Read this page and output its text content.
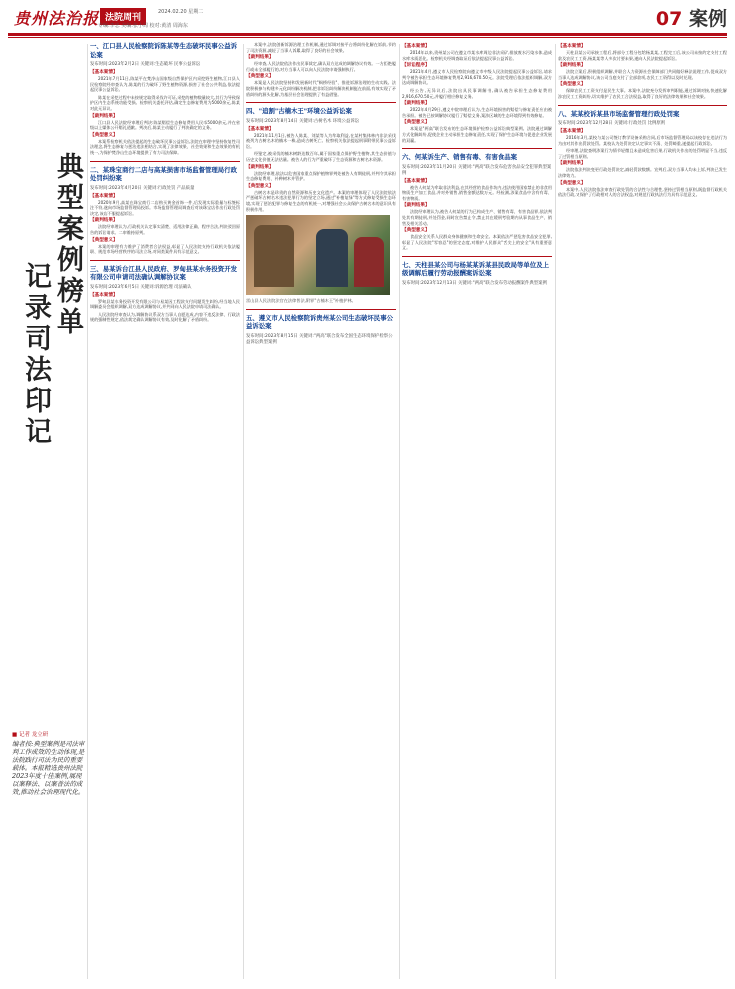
贵州法治报 法院周刊
2024.02.20 星期二
专编:李忠 美编:张小周 校对:黄清 周海东	07 案例
典型案例榜单
记录司法印记
■ 记者 龙立研
编者按:典型案例是司法审判工作成效的生动体现,是法院践行司法为民的重要载体。本报精选贵州法院2023年度十佳案例,展现以案释法、以案普法的成效,推动社会治理现代化。
一、江口县人民检察院诉陈某等生态破坏民事公益诉讼案
发布时间:2023年2月2日 关键词:生态破坏 民事公益诉讼
【基本案情】

2021年7月11日,陈某平在梵净山国家级自然保护区内采挖野生植物,江口县人民检察院经审查认为,陈某的行为破坏了野生植物资源,损害了社会公共利益,依法提起民事公益诉讼。

陈某在采挖过程中未按规定取得采伐许可证,采挖的植物数量较大,其行为导致保护区内生态系统功能受损。检察机关委托评估,确定生态修复费用为5000余元,陈某对此无异议。

【裁判结果】

江口县人民法院经审理后判决:陈某赔偿生态修复费用人民币5000余元,并在省级以上媒体公开赔礼道歉。判决后,陈某主动履行了判决确定的义务。

【典型意义】

本案系检察机关依法提起的生态破坏民事公益诉讼,法院在审理中坚持恢复性司法理念,将生态修复与惩治违法相结合,实现了法律效果、社会效果和生态效果的有机统一,为保护梵净山生态环境提供了有力司法保障。

二、某珠宝商行二店与高某损害市场监督管理局行政处罚纠纷案
发布时间:2023年4月20日 关键词:行政处罚 产品质量
【基本案情】

2020年9月,高某在珠宝商行二店购买黄金首饰一件,后发现实际重量与标签标注不符,遂向市场监督管理局投诉。市场监督管理局调查后对该珠宝店作出行政处罚决定,该店不服提起诉讼。

【裁判结果】

法院经审理认为,行政机关认定事实清楚、适用法律正确、程序合法,判决驳回原告的诉讼请求。二审维持原判。

【典型意义】

本案的审理有力维护了消费者合法权益,彰显了人民法院支持行政机关依法履职、规范市场经营秩序的司法立场,对同类案件具有示范意义。

三、易某诉台江县人民政府、罗甸县某水务投资开发有限公司申请司法确认调解协议案
发布时间:2023年6月5日 关键词:诉源治理 司法确认
【基本案情】

罗甸县某水务投资开发有限公司与易某因工程款支付问题发生纠纷,经当地人民调解委员会组织调解,双方达成调解协议,并共同向人民法院申请司法确认。

人民法院经审查认为,调解协议系双方当事人自愿达成,内容不违反法律、行政法规的强制性规定,依法裁定确认调解协议有效,及时化解了矛盾纠纷。

本案中,法院创新诉源治理工作机制,通过诉调对接平台将纠纷化解在诉前,节约了司法资源,减轻了当事人诉累,取得了良好的社会效果。

【裁判结果】

经审查,人民法院依法作出民事裁定,确认双方达成的调解协议有效。一方拒绝履行或未全部履行的,对方当事人可以向人民法院申请强制执行。

【典型意义】

本案是人民法院坚持和发展新时代"枫桥经验"、推进诉源治理的生动实践。法院积极参与构建多元化纠纷解决机制,把非诉讼纠纷解决机制挺在前面,有效实现了矛盾纠纷的源头化解,为基层社会治理提供了有益借鉴。

四、"追割"古楠木王"环境公益诉讼案
发布时间:2023年8月14日 关键词:古树名木 环境公益诉讼
【基本案情】

2021年11月1日,被告人陈某、刘某等人为牟取利益,在某村集体林内非法采伐被列为古树名木的楠木一株,造成古树死亡。检察机关依法提起刑事附带民事公益诉讼。

经鉴定,被采伐的楠木树龄达数百年,属于国家重点保护野生植物,其生态价值与历史文化价值无法估量。被告人的行为严重破坏了生态资源和古树名木资源。

【裁判结果】

法院经审理,依法以危害国家重点保护植物罪判处被告人有期徒刑,并判令其承担生态修复费用、补种树木并管护。

【典型意义】

古树名木是珍贵的自然资源和历史文化遗产。本案的审理体现了人民法院依法严惩破坏古树名木违法犯罪行为的坚定立场,通过"补植复绿"等方式修复受损生态环境,实现了惩治犯罪与修复生态的有机统一,对增强社会公众保护古树名木的意识具有积极作用。

雷山县人民法院法官在法律普法,附罪"古楠木王"补植护林。
五、遵义市人民检察院诉贵州某公司生态破坏民事公益诉讼案
发布时间:2023年8月15日 关键词:"两高"联合发布全国生态环境保护检察公益诉讼典型案例
【基本案情】

2014年以来,贵州某公司在遵义市某水库周边非法采矿,排放废水污染水体,造成水库水质恶化。检察机关经调查取证后依法提起民事公益诉讼。

【诉讼程序】

2021年4月,遵义市人民检察院向遵义市中级人民法院提起民事公益诉讼,请求判令被告承担生态环境修复费用2,916,670.50元。法院受理后依法组织调解,双方达成调解协议。

经公告,无异议后,法院出具民事调解书,确认被告承担生态修复费用2,916,670.50元,并履行相应修复义务。

【裁判结果】

2022年4月29日,遵义中院审理后认为,生态环境损害的赔偿与修复责任应由被告承担。被告已按调解协议履行了赔偿义务,案涉区域的生态环境得到有效修复。

【典型意义】

本案是"两高"联合发布的生态环境保护检察公益诉讼典型案例。法院通过调解方式化解纠纷,促使企业主动承担生态修复责任,实现了保护生态环境与促进企业发展的双赢。

六、何某诉生产、销售有毒、有害食品案
发布时间:2023年11月20日 关键词:"两高"联合发布危害食品安全犯罪典型案例
【基本案情】

被告人何某为牟取非法利益,在其经营的食品作坊内,违法使用国家禁止的非食用物质生产加工食品,并对外销售,销售金额达数万元。经检测,涉案食品中含有有毒、有害物质。

【裁判结果】

法院经审理认为,被告人何某的行为已构成生产、销售有毒、有害食品罪,依法判处其有期徒刑,并处罚金,同时宣告禁止令,禁止其在缓刑考验期内从事食品生产、销售及相关活动。

【典型意义】

食品安全关系人民群众身体健康和生命安全。本案依法严惩危害食品安全犯罪,彰显了人民法院"零容忍"的坚定态度,对维护人民群众"舌尖上的安全"具有重要意义。

七、天柱县某公司与杨某某诉某县民政局等单位及上级调解后履行劳动报酬案诉讼案
发布时间:2023年12月13日 关键词:"两高"联合发布劳动报酬案件典型案例
【基本案情】

天柱县某公司承接工程后,将部分工程分包给杨某某,工程完工后,该公司未按约定支付工程款及农民工工资,杨某某等人多次讨要未果,遂向人民法院提起诉讼。

【裁判结果】

法院立案后,积极组织调解,并联合人力资源社会保障部门共同做好释法说理工作,促成双方当事人达成调解协议,该公司当庭支付了全部款项,农民工工资得以及时兑现。

【典型意义】

保障农民工工资支付是民生大事。本案中,法院充分发挥审判职能,通过诉调对接,快速化解涉农民工工资纠纷,切实维护了农民工合法权益,取得了良好的法律效果和社会效果。

八、某某校诉某县市场监督管理行政处罚案
发布时间:2023年12月28日 关键词:行政处罚 比例原则
【基本案情】

2016年3月,某校与某公司签订教学设备采购合同,后市场监督管理局以该校存在违法行为为由对其作出罚款处罚。某校认为处罚决定认定事实不清、处罚畸重,遂提起行政诉讼。

经审理,法院查明涉案行为情节轻微且未造成危害后果,行政机关作出的处罚明显不当,违反了过罚相当原则。

【裁判结果】

法院依法判决变更行政处罚决定,减轻罚款数额。宣判后,双方当事人均未上诉,判决已发生法律效力。

【典型意义】

本案中,人民法院依法审查行政处罚的合法性与合理性,坚持过罚相当原则,既监督行政机关依法行政,又保护了行政相对人的合法权益,对规范行政执法行为具有示范意义。
